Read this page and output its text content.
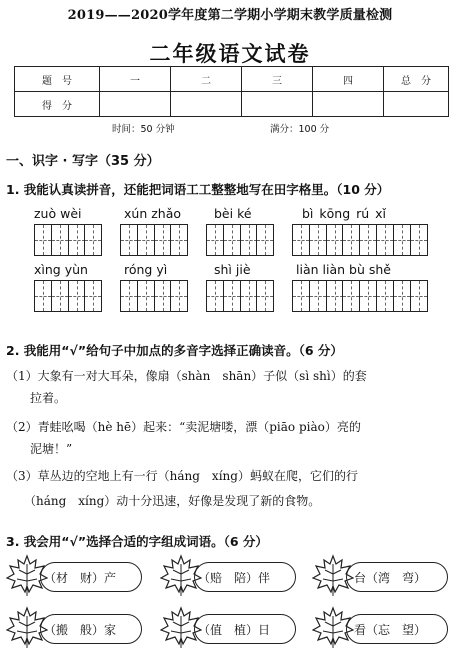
2019——2020学年度第二学期小学期末教学质量检测
二年级语文试卷
题　号	一	二	三	四	总　分
得　分					
时间：50 分钟	满分：100 分
一、识字 · 写字（35 分）
1. 我能认真读拼音，还能把词语工工整整地写在田字格里。（10 分）
zuò wèi	xún zhǎo	bèi ké	bì kōng rú xǐ
xìng yùn	róng yì	shì jiè	liàn liàn bù shě
2. 我能用“√”给句子中加点的多音字选择正确读音。（6 分）
（1）大象有一对大耳朵，像扇（shàn　shān）子似（sì shì）的套
　　拉着。
（2）青蛙吆喝（hè hē）起来：“卖泥塘喽，漂（piāo piào）亮的
　　泥塘！”
（3）草丛边的空地上有一行（háng　xíng）蚂蚁在爬，它们的行
　　（háng　xíng）动十分迅速，好像是发现了新的食物。
3. 我会用“√”选择合适的字组成词语。（6 分）
（材　财）产	（赔　陪）伴	台（湾　弯）
（搬　般）家	（值　植）日	看（忘　望）
